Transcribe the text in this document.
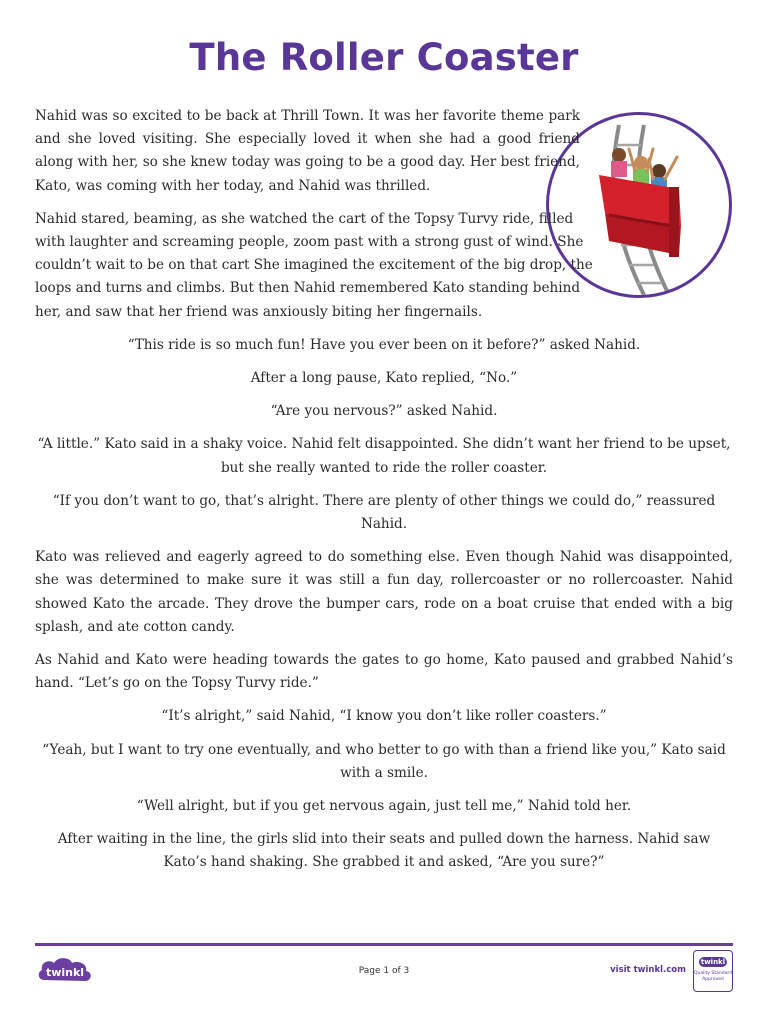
The Roller Coaster

Nahid was so excited to be back at Thrill Town. It was her favorite theme park and she loved visiting. She especially loved it when she had a good friend along with her, so she knew today was going to be a good day. Her best friend, Kato, was coming with her today, and Nahid was thrilled.

Nahid stared, beaming, as she watched the cart of the Topsy Turvy ride, filled with laughter and screaming people, zoom past with a strong gust of wind. She couldn’t wait to be on that cart She imagined the excitement of the big drop, the loops and turns and climbs. But then Nahid remembered Kato standing behind her, and saw that her friend was anxiously biting her fingernails.

“This ride is so much fun! Have you ever been on it before?” asked Nahid.

After a long pause, Kato replied, “No.”

“Are you nervous?” asked Nahid.

“A little.” Kato said in a shaky voice. Nahid felt disappointed. She didn’t want her friend to be upset, but she really wanted to ride the roller coaster.

“If you don’t want to go, that’s alright. There are plenty of other things we could do,” reassured Nahid.

Kato was relieved and eagerly agreed to do something else. Even though Nahid was disappointed, she was determined to make sure it was still a fun day, rollercoaster or no rollercoaster. Nahid showed Kato the arcade. They drove the bumper cars, rode on a boat cruise that ended with a big splash, and ate cotton candy.

As Nahid and Kato were heading towards the gates to go home, Kato paused and grabbed Nahid’s hand. “Let’s go on the Topsy Turvy ride.”

“It’s alright,” said Nahid, “I know you don’t like roller coasters.”

“Yeah, but I want to try one eventually, and who better to go with than a friend like you,” Kato said with a smile.

“Well alright, but if you get nervous again, just tell me,” Nahid told her.

After waiting in the line, the girls slid into their seats and pulled down the harness. Nahid saw Kato’s hand shaking. She grabbed it and asked, “Are you sure?”

twinkl	Page 1 of 3	visit twinkl.com
twinkl
Quality Standard Approved
